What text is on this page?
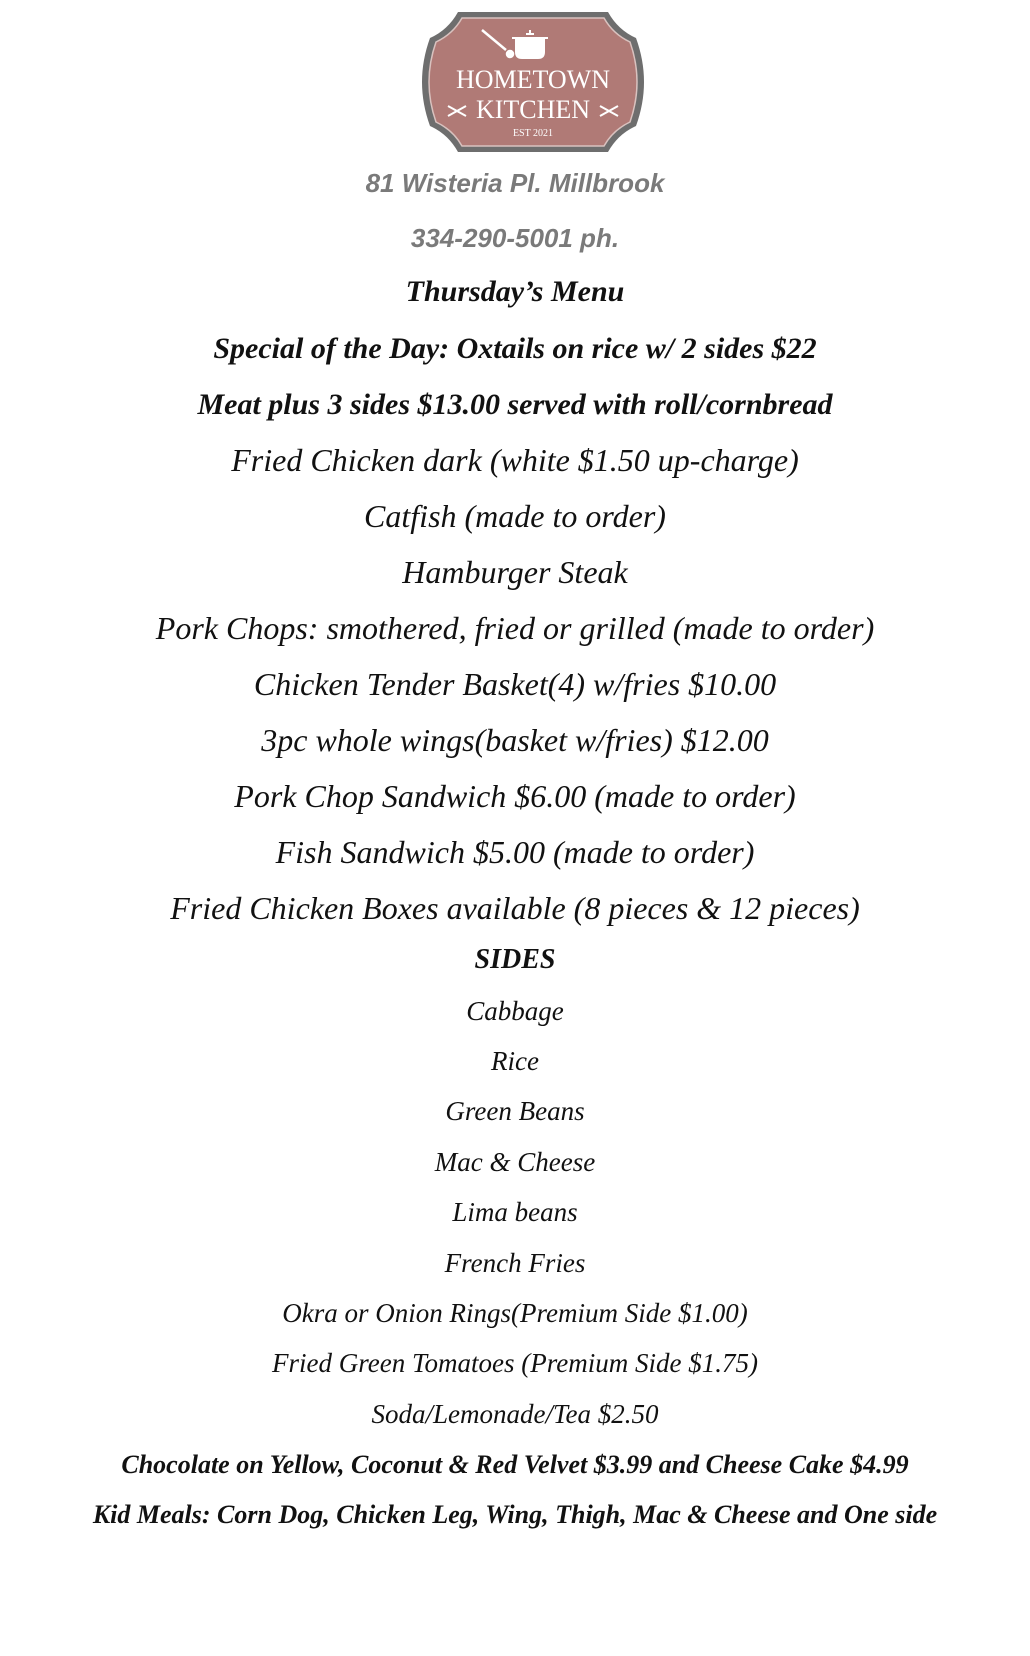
HOMETOWN
KITCHEN
EST 2021

81 Wisteria Pl. Millbrook

334-290-5001 ph.

Thursday’s Menu

Special of the Day: Oxtails on rice w/ 2 sides $22

Meat plus 3 sides $13.00 served with roll/cornbread

Fried Chicken dark (white $1.50 up-charge)

Catfish (made to order)

Hamburger Steak

Pork Chops: smothered, fried or grilled (made to order)

Chicken Tender Basket(4) w/fries $10.00

3pc whole wings(basket w/fries) $12.00

Pork Chop Sandwich $6.00 (made to order)

Fish Sandwich $5.00 (made to order)

Fried Chicken Boxes available (8 pieces & 12 pieces)

SIDES

Cabbage

Rice

Green Beans

Mac & Cheese

Lima beans

French Fries

Okra or Onion Rings(Premium Side $1.00)

Fried Green Tomatoes (Premium Side $1.75)

Soda/Lemonade/Tea $2.50

Chocolate on Yellow, Coconut & Red Velvet $3.99 and Cheese Cake $4.99

Kid Meals: Corn Dog, Chicken Leg, Wing, Thigh, Mac & Cheese and One side
